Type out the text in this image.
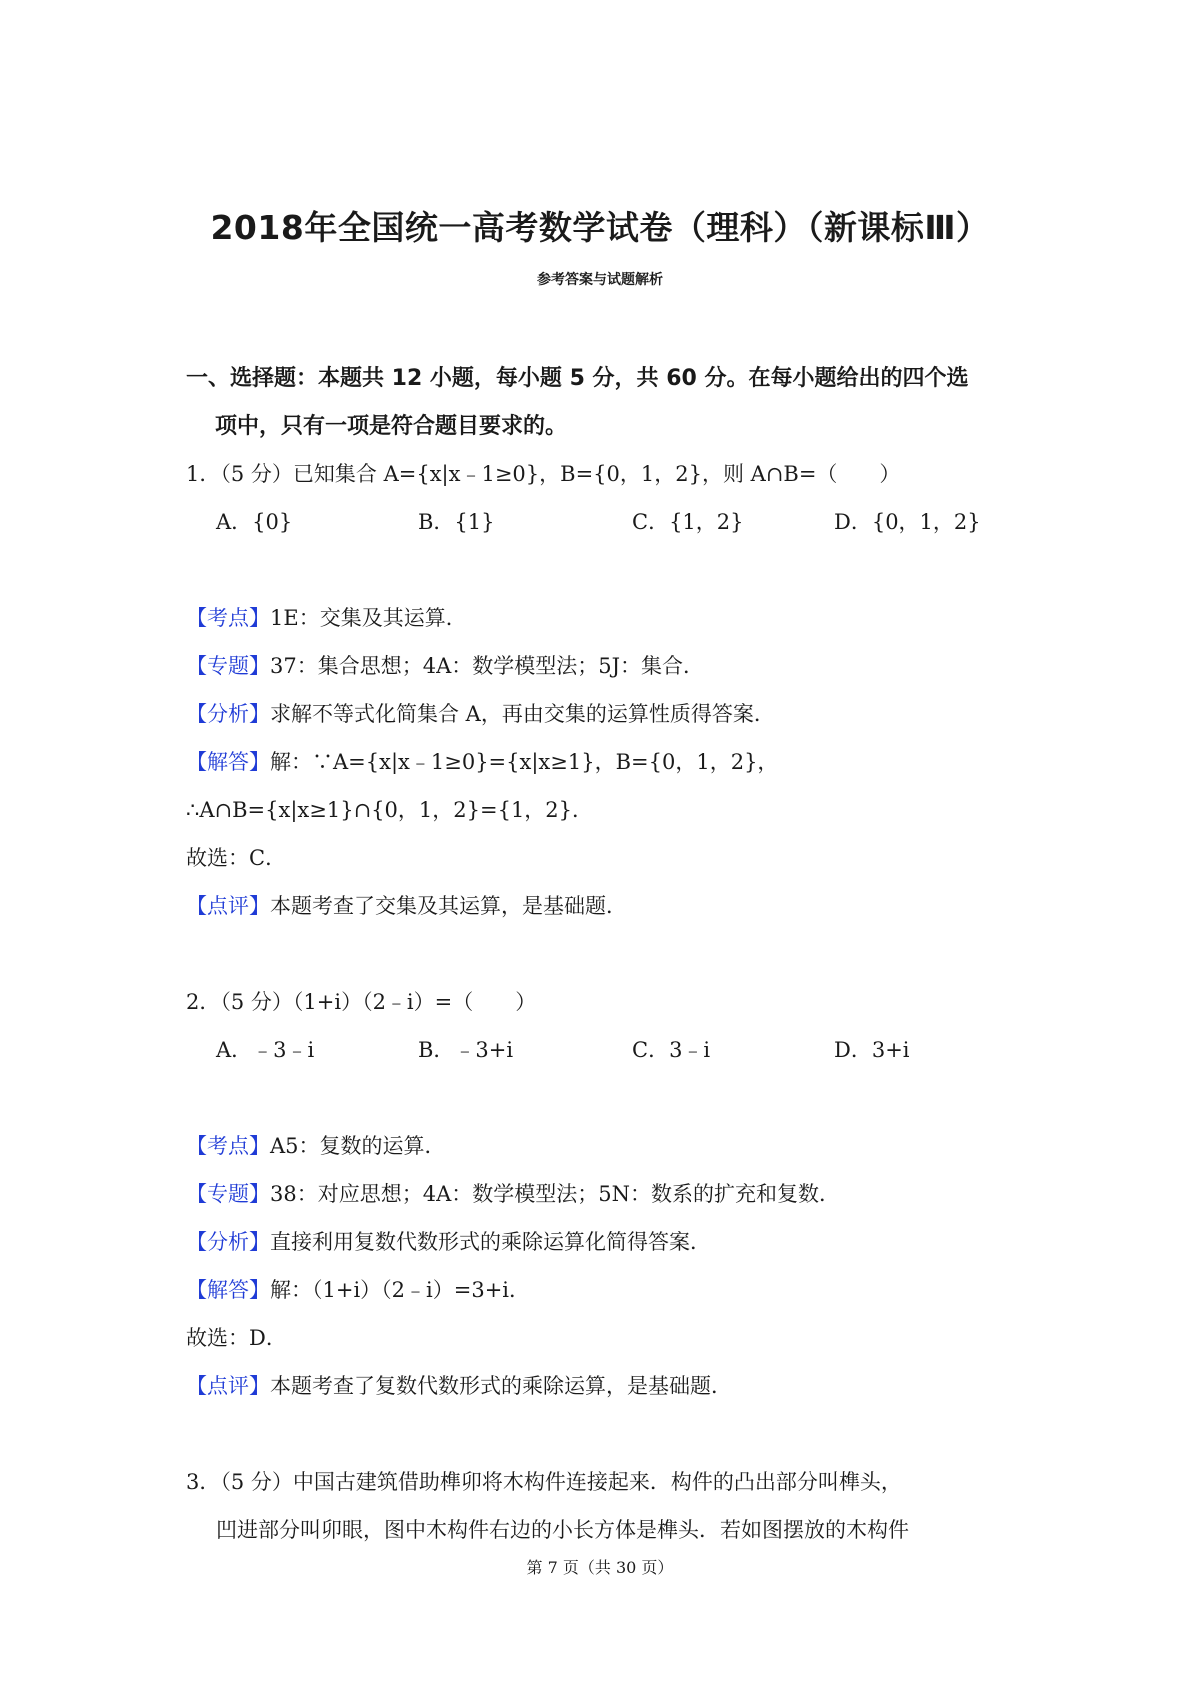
2018年全国统一高考数学试卷（理科）（新课标Ⅲ）
参考答案与试题解析
一、选择题：本题共 12 小题，每小题 5 分，共 60 分。在每小题给出的四个选
项中，只有一项是符合题目要求的。
1．（5 分）已知集合 A={x|x﹣1≥0}，B={0，1，2}，则 A∩B=（　　）
A．{0}	B．{1}	C．{1，2}	D．{0，1，2}
【考点】1E：交集及其运算．
【专题】37：集合思想；4A：数学模型法；5J：集合．
【分析】求解不等式化简集合 A，再由交集的运算性质得答案．
【解答】解：∵A={x|x﹣1≥0}={x|x≥1}，B={0，1，2}，
∴A∩B={x|x≥1}∩{0，1，2}={1，2}．
故选：C．
【点评】本题考查了交集及其运算，是基础题．
2．（5 分）（1+i）（2﹣i）=（　　）
A．﹣3﹣i	B．﹣3+i	C．3﹣i	D．3+i
【考点】A5：复数的运算．
【专题】38：对应思想；4A：数学模型法；5N：数系的扩充和复数．
【分析】直接利用复数代数形式的乘除运算化简得答案．
【解答】解：（1+i）（2﹣i）=3+i．
故选：D．
【点评】本题考查了复数代数形式的乘除运算，是基础题．
3．（5 分）中国古建筑借助榫卯将木构件连接起来．构件的凸出部分叫榫头，
凹进部分叫卯眼，图中木构件右边的小长方体是榫头．若如图摆放的木构件
第 7 页（共 30 页）
